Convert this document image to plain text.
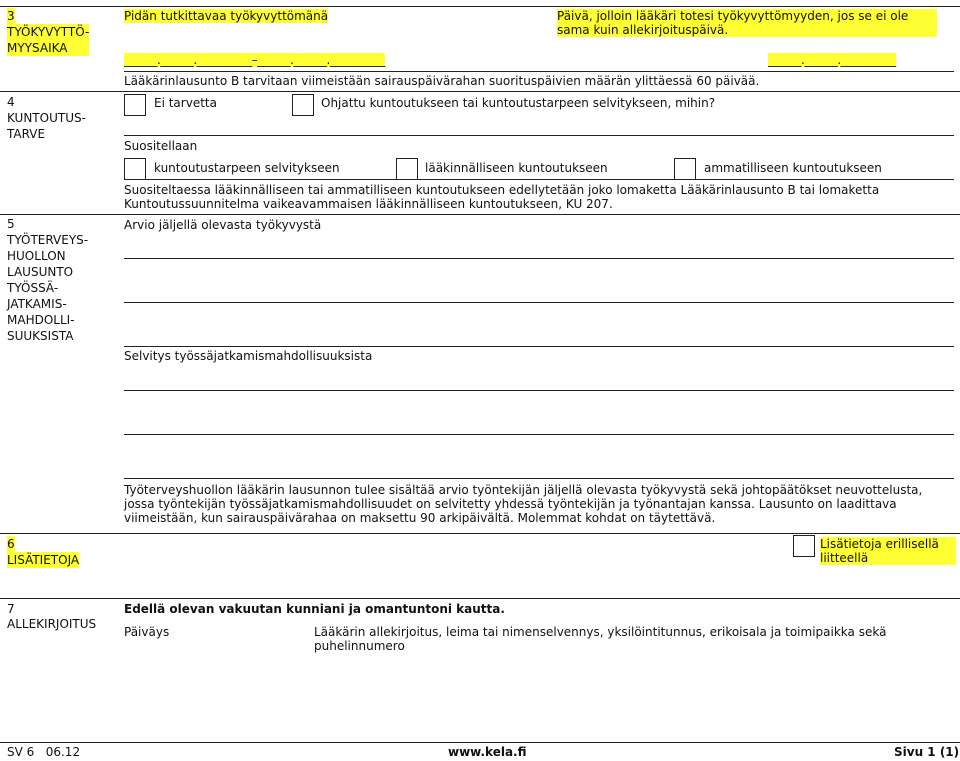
3
TYÖKYVYTTÖ-
MYYSAIKA
Pidän tutkittavaa työkyvyttömänä	Päivä, jolloin lääkäri totesi työkyvyttömyyden, jos se ei ole sama kuin allekirjoituspäivä.
______.______.__________–______.______.__________	______.______.__________
Lääkärinlausunto B tarvitaan viimeistään sairauspäivärahan suorituspäivien määrän ylittäessä 60 päivää.
4
KUNTOUTUS-
TARVE
Ei tarvetta	Ohjattu kuntoutukseen tai kuntoutustarpeen selvitykseen, mihin?
Suositellaan
kuntoutustarpeen selvitykseen	lääkinnälliseen kuntoutukseen	ammatilliseen kuntoutukseen
Suositeltaessa lääkinnälliseen tai ammatilliseen kuntoutukseen edellytetään joko lomaketta Lääkärinlausunto B tai lomaketta Kuntoutussuunnitelma vaikeavammaisen lääkinnälliseen kuntoutukseen, KU 207.
5
TYÖTERVEYS-
HUOLLON
LAUSUNTO
TYÖSSÄ-
JATKAMIS-
MAHDOLLI-
SUUKSISTA
Arvio jäljellä olevasta työkyvystä
Selvitys työssäjatkamismahdollisuuksista
Työterveyshuollon lääkärin lausunnon tulee sisältää arvio työntekijän jäljellä olevasta työkyvystä sekä johtopäätökset neuvottelusta, jossa työntekijän työssäjatkamismahdollisuudet on selvitetty yhdessä työntekijän ja työnantajan kanssa. Lausunto on laadittava viimeistään, kun sairauspäivärahaa on maksettu 90 arkipäivältä. Molemmat kohdat on täytettävä.
6
LISÄTIETOJA
Lisätietoja erillisellä liitteellä
7
ALLEKIRJOITUS
Edellä olevan vakuutan kunniani ja omantuntoni kautta.
Päiväys	Lääkärin allekirjoitus, leima tai nimenselvennys, yksilöintitunnus, erikoisala ja toimipaikka sekä puhelinnumero
SV 6   06.12	www.kela.fi	Sivu 1 (1)
